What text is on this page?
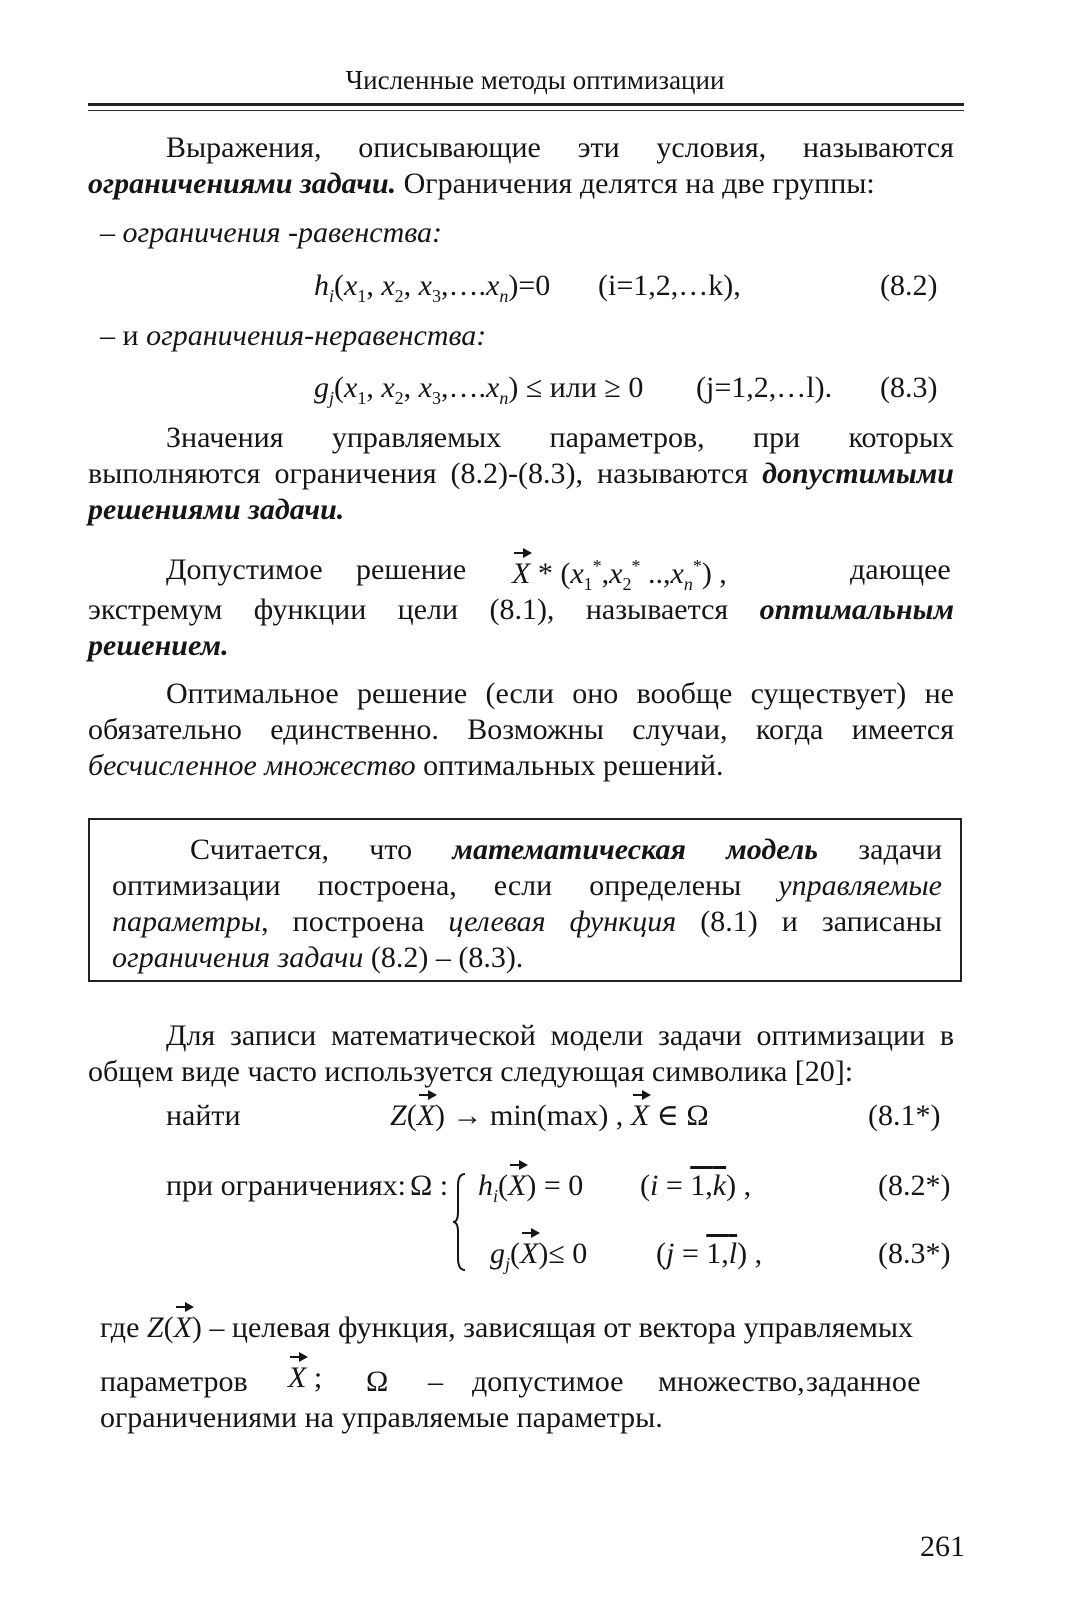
Численные методы оптимизации
Выражения, описывающие эти условия, называются
ограничениями задачи. Ограничения делятся на две группы:
– ограничения -равенства:
$h_i(x_1$, $x_2$, $x_3,\dots.x_n)=0$ (i=1,2,…k),	(8.2)
– и ограничения-неравенства:
$g_j(x_1$, $x_2$, $x_3,\dots.x_n$) ≤ или ≥ 0 (j=1,2,…l). (8.3)
Значения управляемых параметров, при которых
выполняются ограничения (8.2)-(8.3), называются допустимыми
решениями задачи.
Допустимое решение X * ($x_1^*,x_2^*$ $..,x_n^*$) ,	дающее
экстремум функции цели (8.1), называется оптимальным
решением.
Оптимальное решение (если оно вообще существует) не
обязательно единственно. Возможны случаи, когда имеется
бесчисленное множество оптимальных решений.
Считается, что математическая модель задачи
оптимизации построена, если определены управляемые
параметры, построена целевая функция (8.1) и записаны
ограничения задачи (8.2) – (8.3).
Для записи математической модели задачи оптимизации в
общем виде часто используется следующая символика [20]:
найти	Z(X) → min(max) , X ∈ Ω	(8.1*)
при ограничениях: Ω : $h_i(X) = 0$ (i = 1,k) ,	(8.2*)
$g_j(X)\le 0$ (j = 1,l) ,	(8.3*)
где Z(X) – целевая функция, зависящая от вектора управляемых
параметров X ; Ω – допустимое множество, заданное
ограничениями на управляемые параметры.
261
